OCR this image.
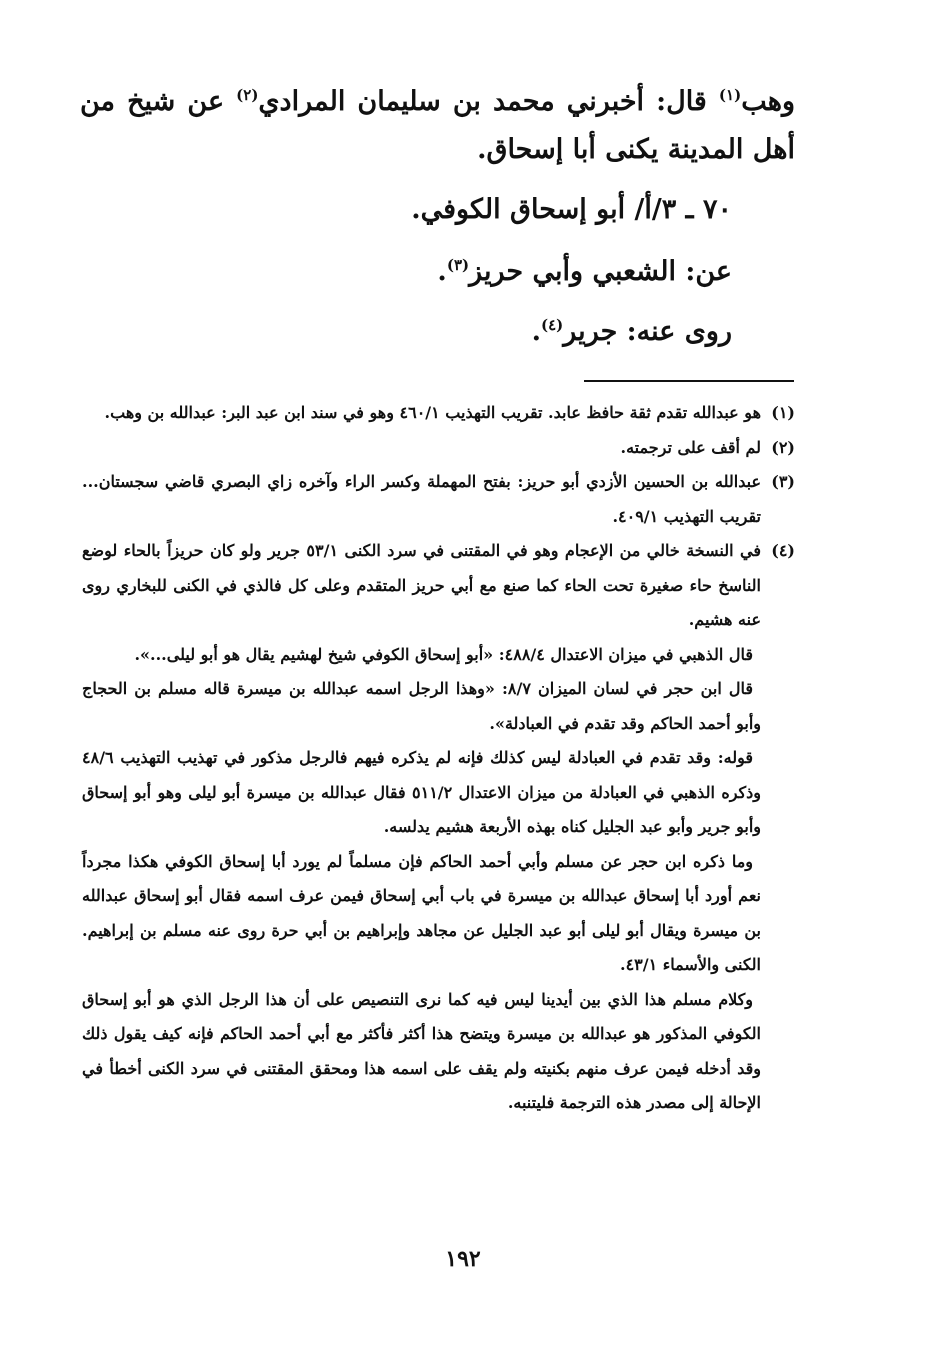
وهب$^{(١)}$ قال: أخبرني محمد بن سليمان المرادي$^{(٢)}$ عن شيخ من أهل المدينة يكنى أبا إسحاق.
٧٠ ـ ٣/أ/ أبو إسحاق الكوفي.
عن: الشعبي وأبي حريز$^{(٣)}$.
روى عنه: جرير$^{(٤)}$.

(١)
هو عبدالله تقدم ثقة حافظ عابد. تقريب التهذيب ٤٦٠/١ وهو في سند ابن عبد البر: عبدالله بن وهب.

(٢)
لم أقف على ترجمته.

(٣)
عبدالله بن الحسين الأزدي أبو حريز: بفتح المهملة وكسر الراء وآخره زاي البصري قاضي سجستان... تقريب التهذيب ٤٠٩/١.

(٤)
في النسخة خالي من الإعجام وهو في المقتنى في سرد الكنى ٥٣/١ جرير ولو كان حريزاً بالحاء لوضع الناسخ حاء صغيرة تحت الحاء كما صنع مع أبي حريز المتقدم وعلى كل فالذي في الكنى للبخاري روى عنه هشيم.

قال الذهبي في ميزان الاعتدال ٤٨٨/٤: «أبو إسحاق الكوفي شيخ لهشيم يقال هو أبو ليلى...».

قال ابن حجر في لسان الميزان ٨/٧: «وهذا الرجل اسمه عبدالله بن ميسرة قاله مسلم بن الحجاج وأبو أحمد الحاكم وقد تقدم في العبادلة».

قوله: وقد تقدم في العبادلة ليس كذلك فإنه لم يذكره فيهم فالرجل مذكور في تهذيب التهذيب ٤٨/٦ وذكره الذهبي في العبادلة من ميزان الاعتدال ٥١١/٢ فقال عبدالله بن ميسرة أبو ليلى وهو أبو إسحاق وأبو جرير وأبو عبد الجليل كناه بهذه الأربعة هشيم يدلسه.

وما ذكره ابن حجر عن مسلم وأبي أحمد الحاكم فإن مسلماً لم يورد أبا إسحاق الكوفي هكذا مجرداً نعم أورد أبا إسحاق عبدالله بن ميسرة في باب أبي إسحاق فيمن عرف اسمه فقال أبو إسحاق عبدالله بن ميسرة ويقال أبو ليلى أبو عبد الجليل عن مجاهد وإبراهيم بن أبي حرة روى عنه مسلم بن إبراهيم. الكنى والأسماء ٤٣/١.

وكلام مسلم هذا الذي بين أيدينا ليس فيه كما نرى التنصيص على أن هذا الرجل الذي هو أبو إسحاق الكوفي المذكور هو عبدالله بن ميسرة ويتضح هذا أكثر فأكثر مع أبي أحمد الحاكم فإنه كيف يقول ذلك وقد أدخله فيمن عرف منهم بكنيته ولم يقف على اسمه هذا ومحقق المقتنى في سرد الكنى أخطأ في الإحالة إلى مصدر هذه الترجمة فليتنبه.

١٩٢
